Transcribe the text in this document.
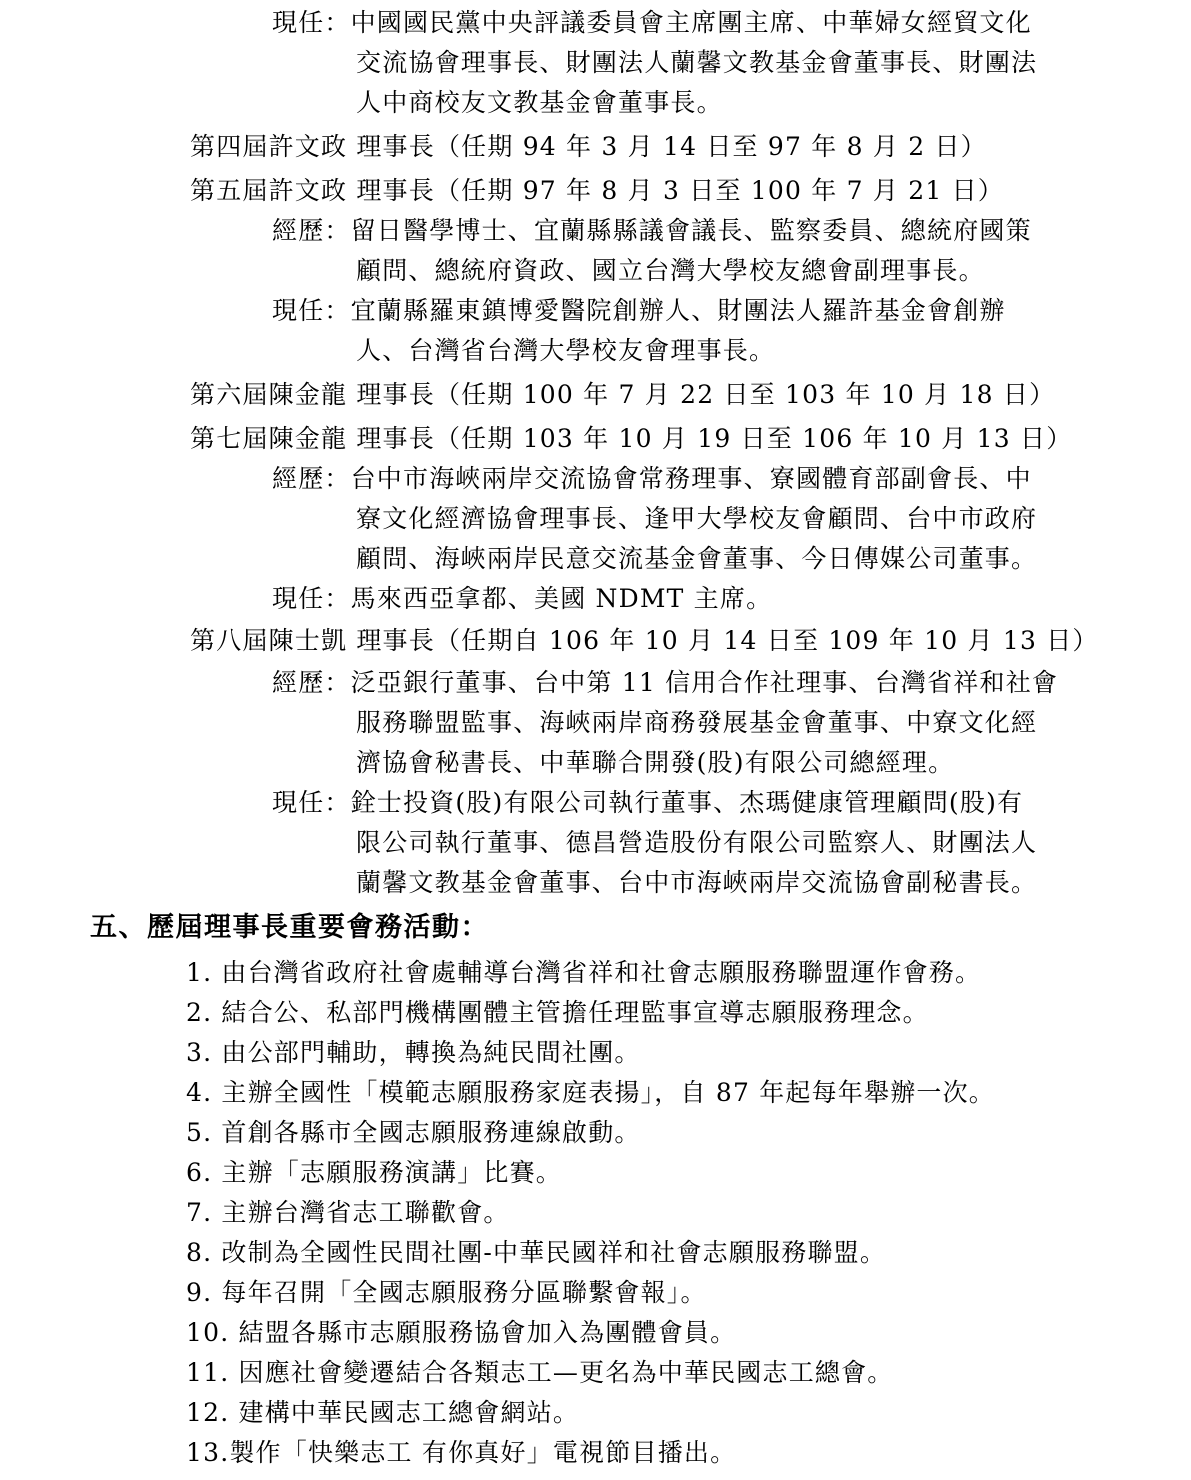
現任：中國國民黨中央評議委員會主席團主席、中華婦女經貿文化
交流協會理事長、財團法人蘭馨文教基金會董事長、財團法
人中商校友文教基金會董事長。
第四屆許文政 理事長（任期 94 年 3 月 14 日至 97 年 8 月 2 日）
第五屆許文政 理事長（任期 97 年 8 月 3 日至 100 年 7 月 21 日）
經歷：留日醫學博士、宜蘭縣縣議會議長、監察委員、總統府國策
顧問、總統府資政、國立台灣大學校友總會副理事長。
現任：宜蘭縣羅東鎮博愛醫院創辦人、財團法人羅許基金會創辦
人、台灣省台灣大學校友會理事長。
第六屆陳金龍 理事長（任期 100 年 7 月 22 日至 103 年 10 月 18 日）
第七屆陳金龍 理事長（任期 103 年 10 月 19 日至 106 年 10 月 13 日）
經歷：台中市海峽兩岸交流協會常務理事、寮國體育部副會長、中
寮文化經濟協會理事長、逢甲大學校友會顧問、台中市政府
顧問、海峽兩岸民意交流基金會董事、今日傳媒公司董事。
現任：馬來西亞拿都、美國 NDMT 主席。
第八屆陳士凱 理事長（任期自 106 年 10 月 14 日至 109 年 10 月 13 日）
經歷：泛亞銀行董事、台中第 11 信用合作社理事、台灣省祥和社會
服務聯盟監事、海峽兩岸商務發展基金會董事、中寮文化經
濟協會秘書長、中華聯合開發(股)有限公司總經理。
現任：銓士投資(股)有限公司執行董事、杰瑪健康管理顧問(股)有
限公司執行董事、德昌營造股份有限公司監察人、財團法人
蘭馨文教基金會董事、台中市海峽兩岸交流協會副秘書長。
五、歷屆理事長重要會務活動：
1. 由台灣省政府社會處輔導台灣省祥和社會志願服務聯盟運作會務。
2. 結合公、私部門機構團體主管擔任理監事宣導志願服務理念。
3. 由公部門輔助，轉換為純民間社團。
4. 主辦全國性「模範志願服務家庭表揚」，自 87 年起每年舉辦一次。
5. 首創各縣市全國志願服務連線啟動。
6. 主辦「志願服務演講」比賽。
7. 主辦台灣省志工聯歡會。
8. 改制為全國性民間社團-中華民國祥和社會志願服務聯盟。
9. 每年召開「全國志願服務分區聯繫會報」。
10. 結盟各縣市志願服務協會加入為團體會員。
11. 因應社會變遷結合各類志工—更名為中華民國志工總會。
12. 建構中華民國志工總會網站。
13.製作「快樂志工 有你真好」電視節目播出。
